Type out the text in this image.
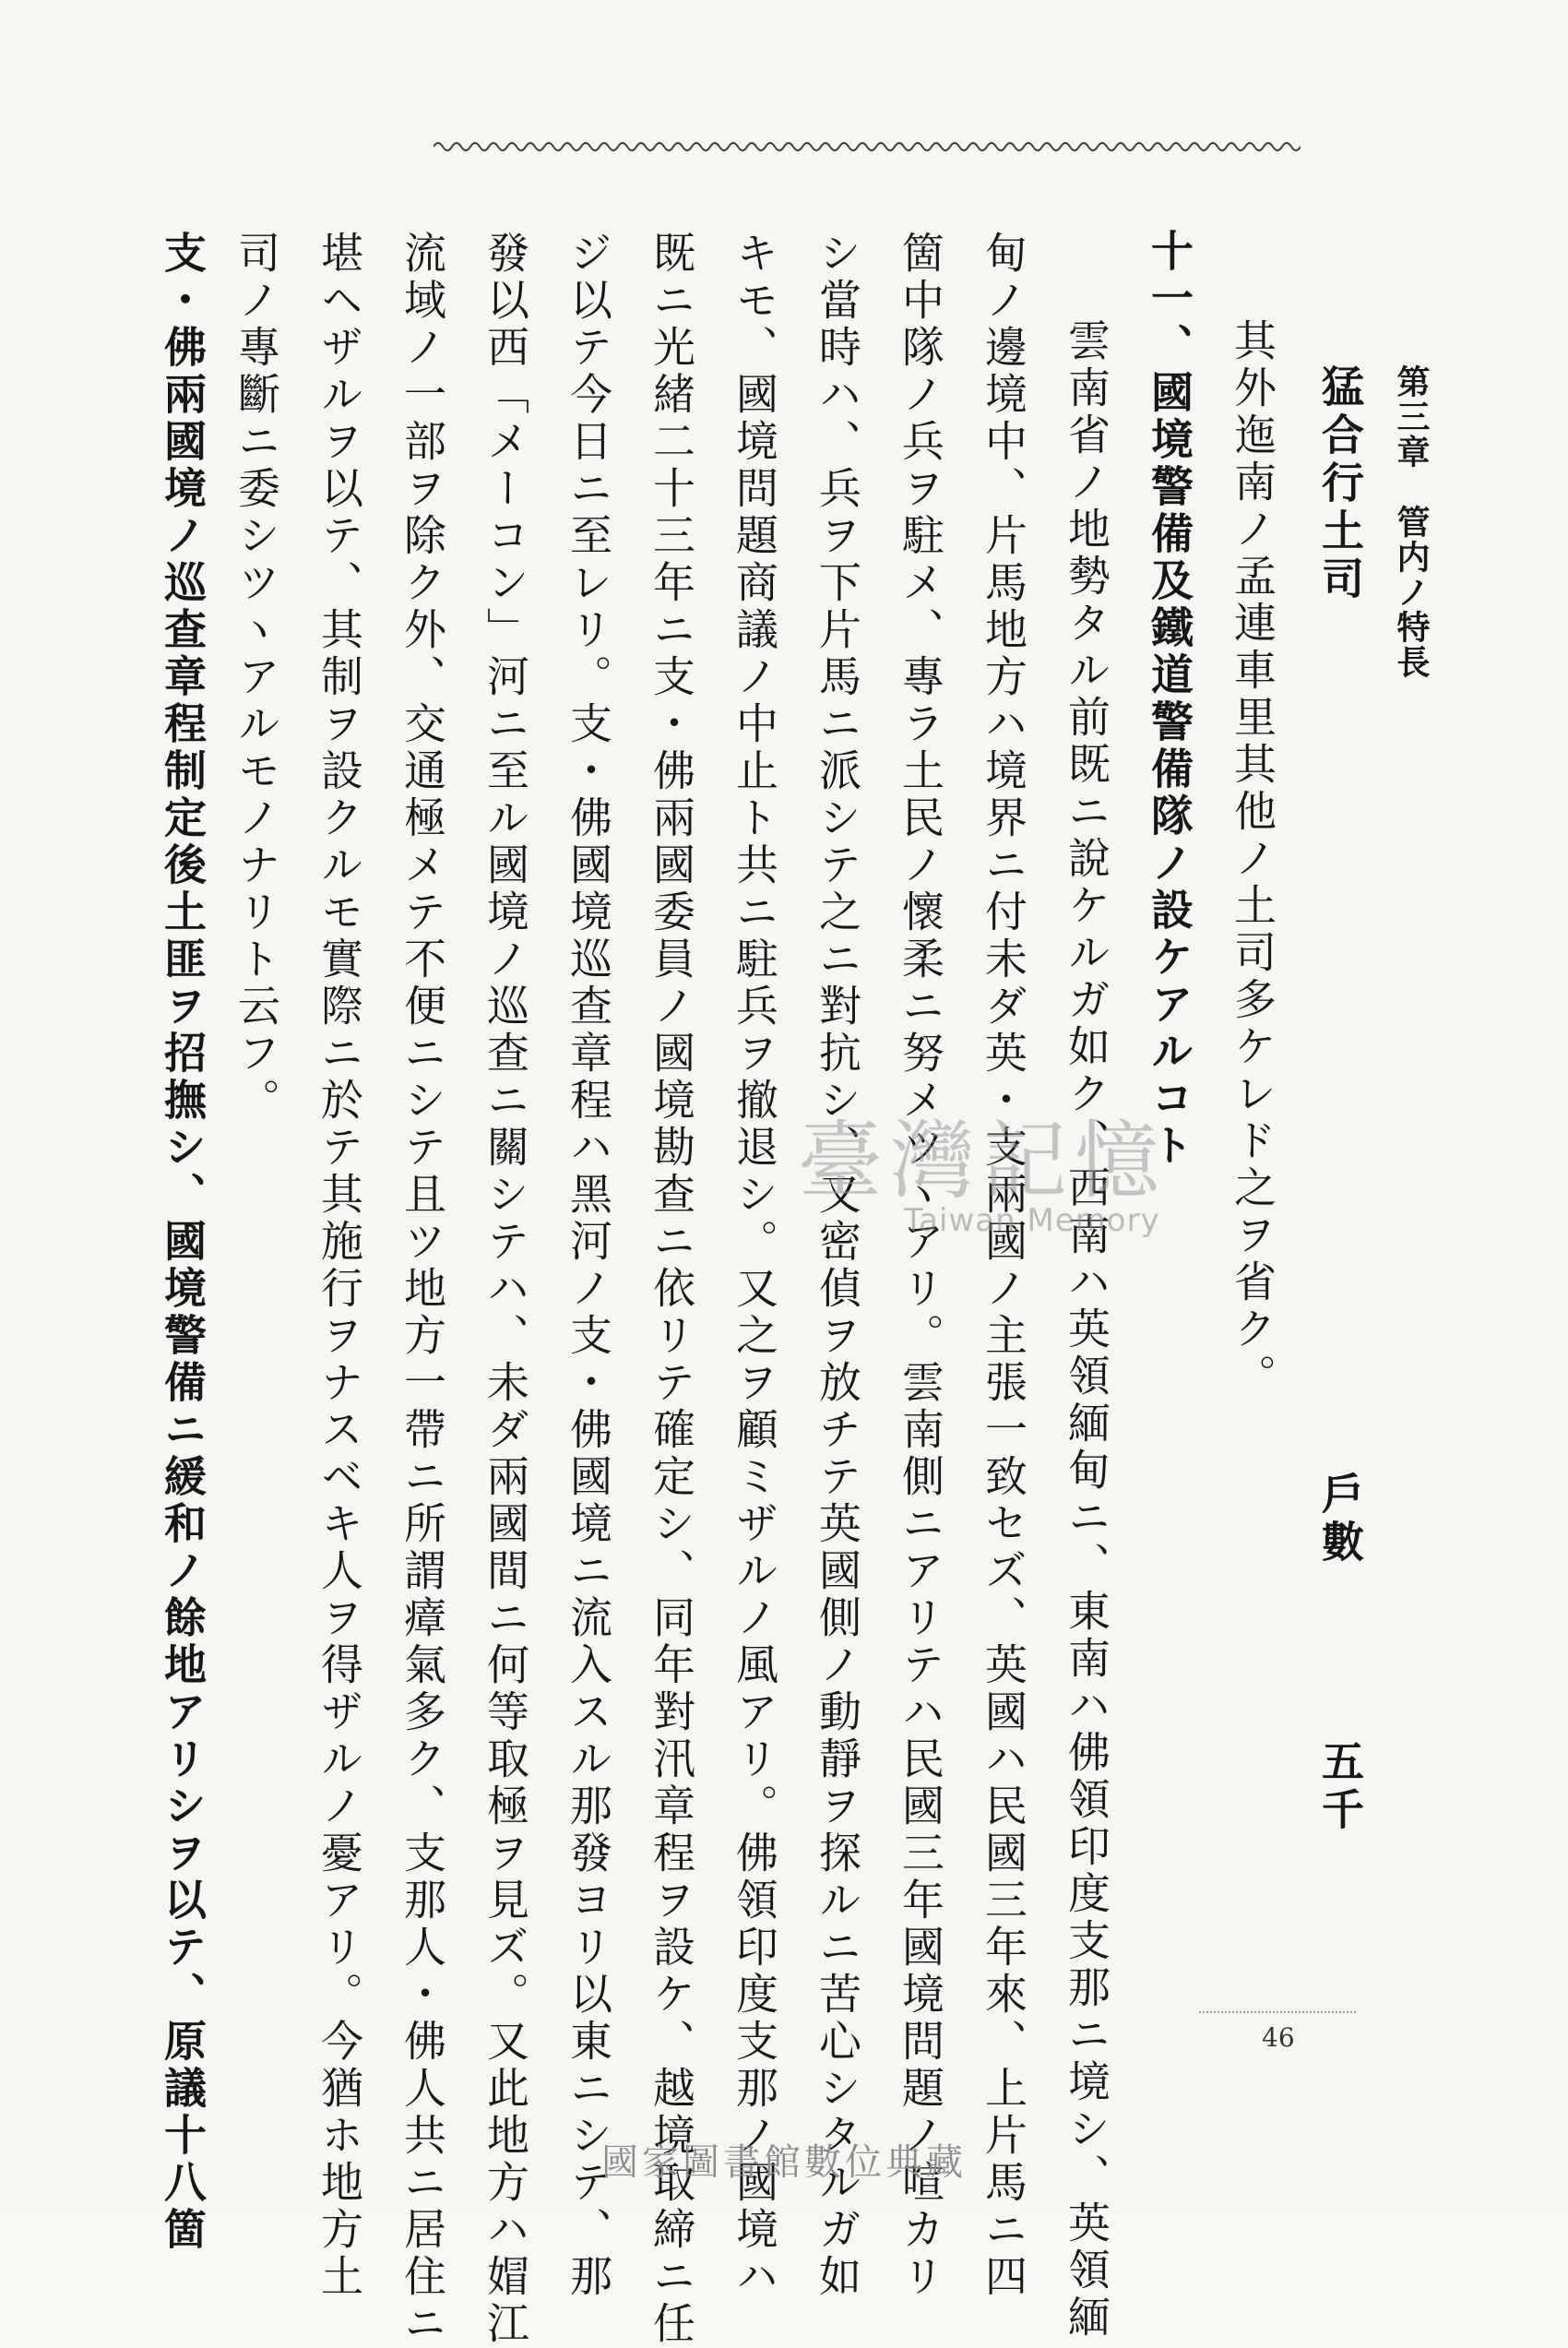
第三章　管内ノ特長
猛合行土司
戶數
五千
其外迤南ノ孟連車里其他ノ土司多ケレド之ヲ省ク。
十一、國境警備及鐵道警備隊ノ設ケアルコト
雲南省ノ地勢タル前既ニ說ケルガ如ク、西南ハ英領緬甸ニ、東南ハ佛領印度支那ニ境シ、英領緬
甸ノ邊境中、片馬地方ハ境界ニ付未ダ英・支兩國ノ主張一致セズ、英國ハ民國三年來、上片馬ニ四
箇中隊ノ兵ヲ駐メ、專ラ土民ノ懷柔ニ努メツヽアリ。雲南側ニアリテハ民國三年國境問題ノ喧カリ
シ當時ハ、兵ヲ下片馬ニ派シテ之ニ對抗シ、又密偵ヲ放チテ英國側ノ動靜ヲ探ルニ苦心シタルガ如
キモ、國境問題商議ノ中止ト共ニ駐兵ヲ撤退シ。又之ヲ顧ミザルノ風アリ。佛領印度支那ノ國境ハ
既ニ光緒二十三年ニ支・佛兩國委員ノ國境勘查ニ依リテ確定シ、同年對汛章程ヲ設ケ、越境取締ニ任
ジ以テ今日ニ至レリ。支・佛國境巡查章程ハ黑河ノ支・佛國境ニ流入スル那發ヨリ以東ニシテ、那
發以西「メーコン」河ニ至ル國境ノ巡查ニ關シテハ、未ダ兩國間ニ何等取極ヲ見ズ。又此地方ハ媢江
流域ノ一部ヲ除ク外、交通極メテ不便ニシテ且ツ地方一帶ニ所謂瘴氣多ク、支那人・佛人共ニ居住ニ
堪ヘザルヲ以テ、其制ヲ設クルモ實際ニ於テ其施行ヲナスベキ人ヲ得ザルノ憂アリ。今猶ホ地方土
司ノ專斷ニ委シツヽアルモノナリト云フ。
支・佛兩國境ノ巡查章程制定後土匪ヲ招撫シ、國境警備ニ緩和ノ餘地アリシヲ以テ、原議十八箇	臺灣記憶
Taiwan Memory
46
國家圖書館數位典藏
